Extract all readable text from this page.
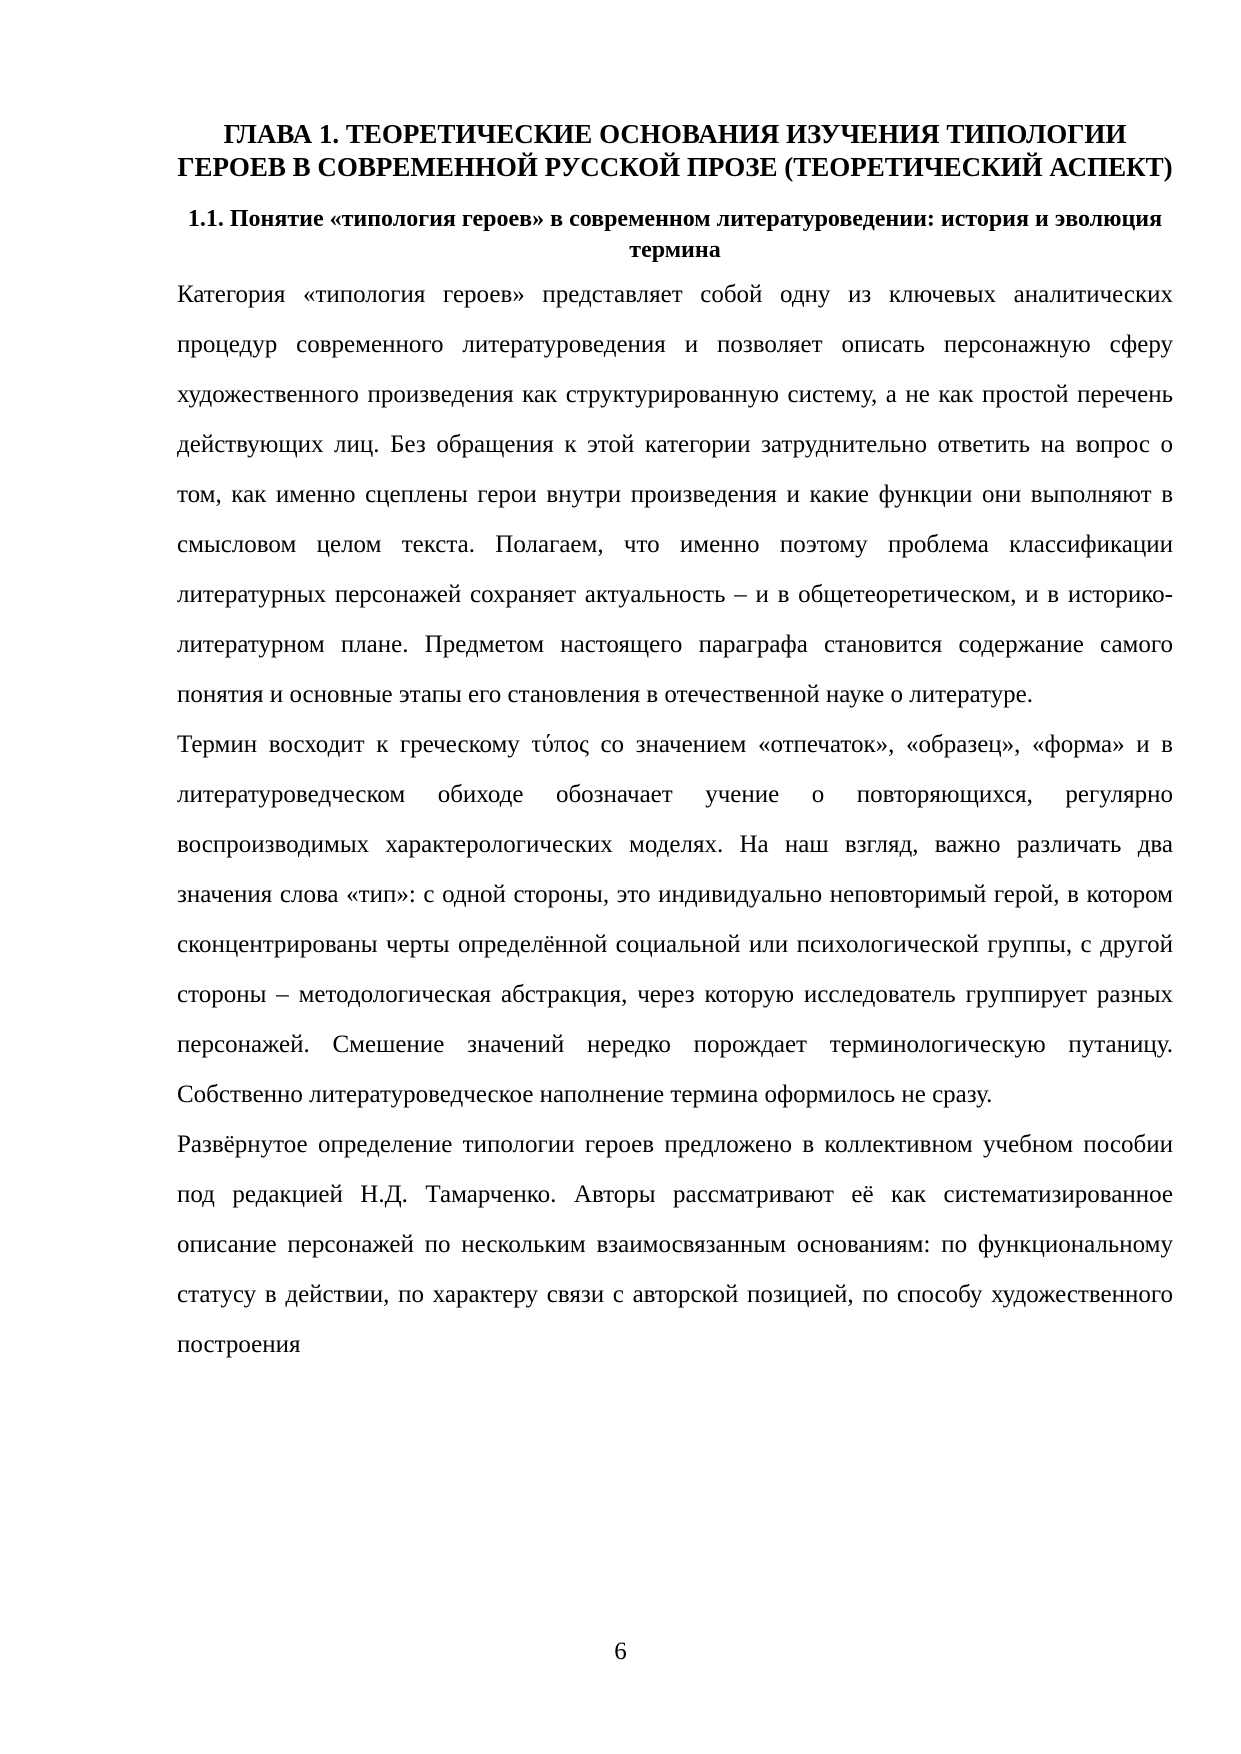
ГЛАВА 1. ТЕОРЕТИЧЕСКИЕ ОСНОВАНИЯ ИЗУЧЕНИЯ ТИПОЛОГИИ ГЕРОЕВ В СОВРЕМЕННОЙ РУССКОЙ ПРОЗЕ (ТЕОРЕТИЧЕСКИЙ АСПЕКТ)
1.1. Понятие «типология героев» в современном литературоведении: история и эволюция термина

Категория «типология героев» представляет собой одну из ключевых аналитических процедур современного литературоведения и позволяет описать персонажную сферу художественного произведения как структурированную систему, а не как простой перечень действующих лиц. Без обращения к этой категории затруднительно ответить на вопрос о том, как именно сцеплены герои внутри произведения и какие функции они выполняют в смысловом целом текста. Полагаем, что именно поэтому проблема классификации литературных персонажей сохраняет актуальность – и в общетеоретическом, и в историко-литературном плане. Предметом настоящего параграфа становится содержание самого понятия и основные этапы его становления в отечественной науке о литературе.

Термин восходит к греческому τύπος со значением «отпечаток», «образец», «форма» и в литературоведческом обиходе обозначает учение о повторяющихся, регулярно воспроизводимых характерологических моделях. На наш взгляд, важно различать два значения слова «тип»: с одной стороны, это индивидуально неповторимый герой, в котором сконцентрированы черты определённой социальной или психологической группы, с другой стороны – методологическая абстракция, через которую исследователь группирует разных персонажей. Смешение значений нередко порождает терминологическую путаницу. Собственно литературоведческое наполнение термина оформилось не сразу.

Развёрнутое определение типологии героев предложено в коллективном учебном пособии под редакцией Н.Д. Тамарченко. Авторы рассматривают её как систематизированное описание персонажей по нескольким взаимосвязанным основаниям: по функциональному статусу в действии, по характеру связи с авторской позицией, по способу художественного построения

6
